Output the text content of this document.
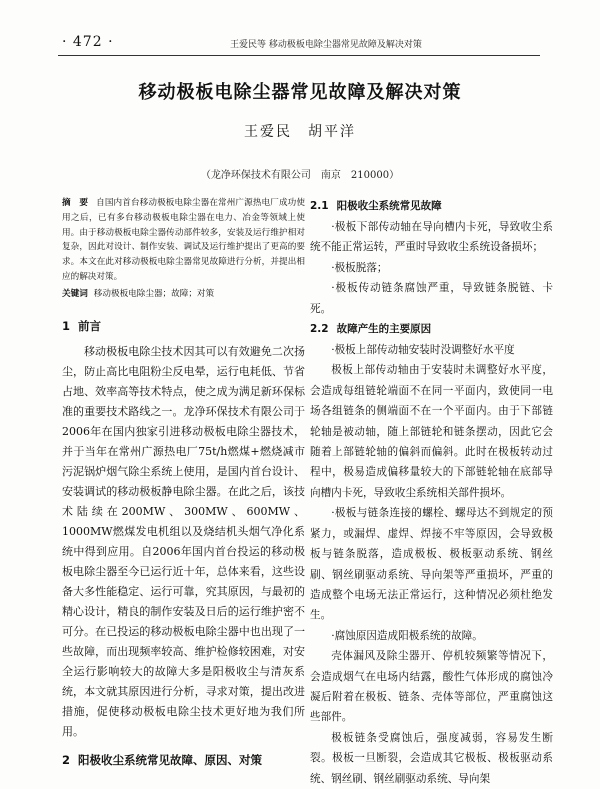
· 472 ·	王爱民等 移动极板电除尘器常见故障及解决对策
移动极板电除尘器常见故障及解决对策
王爱民　胡平洋
（龙净环保技术有限公司　南京　210000）

摘　要 自国内首台移动极板电除尘器在常州广源热电厂成功使用之后，已有多台移动极板电除尘器在电力、冶金等领域上使用。由于移动极板电除尘器传动部件较多，安装及运行维护相对复杂，因此对设计、制作安装、调试及运行维护提出了更高的要求。本文在此对移动极板电除尘器常见故障进行分析，并提出相应的解决对策。

关键词 移动极板电除尘器；故障；对策

1 前言

移动极板电除尘技术因其可以有效避免二次扬尘，防止高比电阻粉尘反电晕，运行电耗低、节省占地、效率高等技术特点，使之成为满足新环保标准的重要技术路线之一。龙净环保技术有限公司于2006年在国内独家引进移动极板电除尘器技术，并于当年在常州广源热电厂75t/h燃煤+燃烧减市污泥锅炉烟气除尘系统上使用，是国内首台设计、安装调试的移动极板静电除尘器。在此之后，该技术陆续在200MW、300MW、600MW、1000MW燃煤发电机组以及烧结机头烟气净化系统中得到应用。自2006年国内首台投运的移动极板电除尘器至今已运行近十年，总体来看，这些设备大多性能稳定、运行可靠，究其原因，与最初的精心设计，精良的制作安装及日后的运行维护密不可分。在已投运的移动极板电除尘器中也出现了一些故障，而出现频率较高、维护检修较困难，对安全运行影响较大的故障大多是阳极收尘与清灰系统，本文就其原因进行分析，寻求对策，提出改进措施，促使移动极板电除尘技术更好地为我们所用。

2 阳极收尘系统常见故障、原因、对策
2.1 阳极收尘系统常见故障

·极板下部传动轴在导向槽内卡死，导致收尘系统不能正常运转，严重时导致收尘系统设备损坏；

·极板脱落；

·极板传动链条腐蚀严重，导致链条脱链、卡死。

2.2 故障产生的主要原因

·极板上部传动轴安装时没调整好水平度

极板上部传动轴由于安装时未调整好水平度，会造成每组链轮端面不在同一平面内，致使同一电场各组链条的侧端面不在一个平面内。由于下部链轮轴是被动轴，随上部链轮和链条摆动，因此它会随着上部链轮轴的偏斜而偏斜。此时在极板转动过程中，极易造成偏移量较大的下部链轮轴在底部导向槽内卡死，导致收尘系统相关部件损坏。

·极板与链条连接的螺栓、螺母达不到规定的预紧力，或漏焊、虚焊、焊接不牢等原因，会导致极板与链条脱落，造成极板、极板驱动系统、钢丝刷、钢丝刷驱动系统、导向架等严重损坏，严重的造成整个电场无法正常运行，这种情况必须杜绝发生。

·腐蚀原因造成阳极系统的故障。

壳体漏风及除尘器开、停机较频繁等情况下，会造成烟气在电场内结露，酸性气体形成的腐蚀冷凝后附着在极板、链条、壳体等部位，严重腐蚀这些部件。

极板链条受腐蚀后，强度减弱，容易发生断裂。极板一旦断裂，会造成其它极板、极板驱动系统、钢丝刷、钢丝刷驱动系统、导向架
